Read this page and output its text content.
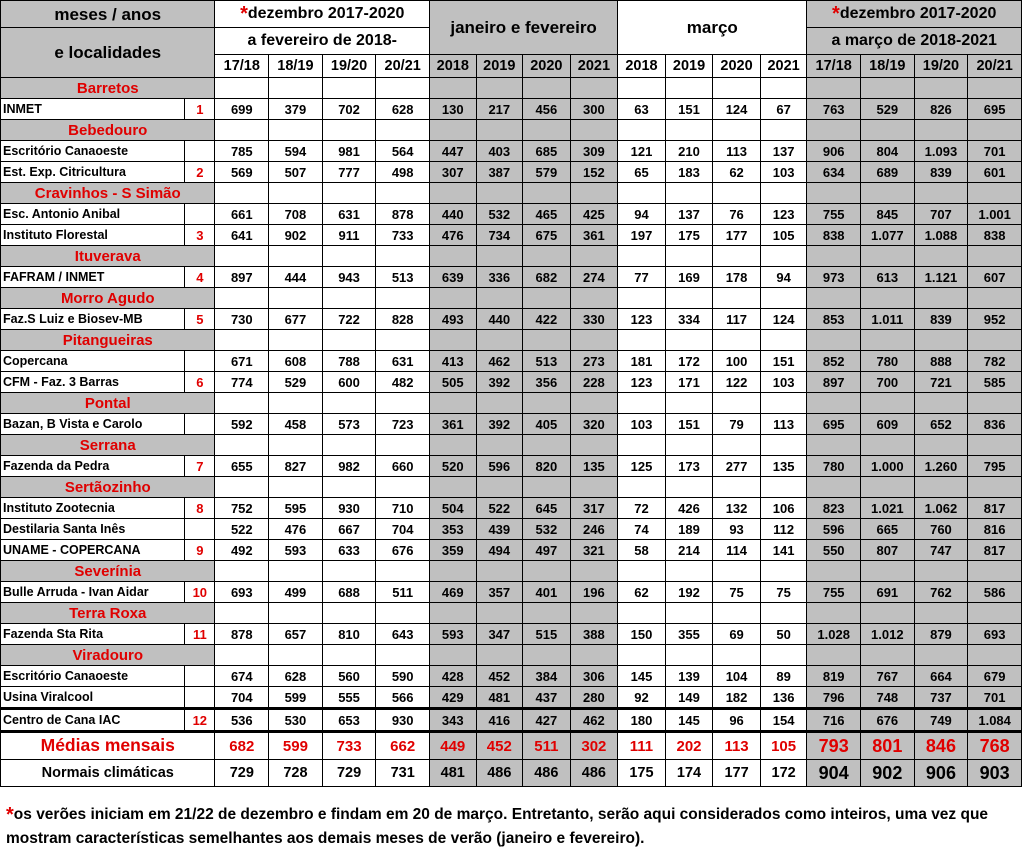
meses / anos		*dezembro 2017-2020				janeiro e fevereiro				março				*dezembro 2017-2020			
e localidades		a fevereiro de 2018-												a março de 2018-2021			
		17/18	18/19	19/20	20/21	2018	2019	2020	2021	2018	2019	2020	2021	17/18	18/19	19/20	20/21
Barretos																	
INMET	1	699	379	702	628	130	217	456	300	63	151	124	67	763	529	826	695
Bebedouro																	
Escritório Canaoeste		785	594	981	564	447	403	685	309	121	210	113	137	906	804	1.093	701
Est. Exp. Citricultura	2	569	507	777	498	307	387	579	152	65	183	62	103	634	689	839	601
Cravinhos - S Simão																	
Esc. Antonio Anibal		661	708	631	878	440	532	465	425	94	137	76	123	755	845	707	1.001
Instituto Florestal	3	641	902	911	733	476	734	675	361	197	175	177	105	838	1.077	1.088	838
Ituverava																	
FAFRAM / INMET	4	897	444	943	513	639	336	682	274	77	169	178	94	973	613	1.121	607
Morro Agudo																	
Faz.S Luiz e Biosev-MB	5	730	677	722	828	493	440	422	330	123	334	117	124	853	1.011	839	952
Pitangueiras																	
Copercana		671	608	788	631	413	462	513	273	181	172	100	151	852	780	888	782
CFM - Faz. 3 Barras	6	774	529	600	482	505	392	356	228	123	171	122	103	897	700	721	585
Pontal																	
Bazan, B Vista e Carolo		592	458	573	723	361	392	405	320	103	151	79	113	695	609	652	836
Serrana																	
Fazenda da Pedra	7	655	827	982	660	520	596	820	135	125	173	277	135	780	1.000	1.260	795
Sertãozinho																	
Instituto Zootecnia	8	752	595	930	710	504	522	645	317	72	426	132	106	823	1.021	1.062	817
Destilaria Santa Inês		522	476	667	704	353	439	532	246	74	189	93	112	596	665	760	816
UNAME - COPERCANA	9	492	593	633	676	359	494	497	321	58	214	114	141	550	807	747	817
Severínia																	
Bulle Arruda - Ivan Aidar	10	693	499	688	511	469	357	401	196	62	192	75	75	755	691	762	586
Terra Roxa																	
Fazenda Sta Rita	11	878	657	810	643	593	347	515	388	150	355	69	50	1.028	1.012	879	693
Viradouro																	
Escritório Canaoeste		674	628	560	590	428	452	384	306	145	139	104	89	819	767	664	679
Usina Viralcool		704	599	555	566	429	481	437	280	92	149	182	136	796	748	737	701
Centro de Cana IAC	12	536	530	653	930	343	416	427	462	180	145	96	154	716	676	749	1.084
Médias mensais		682	599	733	662	449	452	511	302	111	202	113	105	793	801	846	768
Normais climáticas		729	728	729	731	481	486	486	486	175	174	177	172	904	902	906	903
*os verões iniciam em 21/22 de dezembro e findam em 20 de março. Entretanto, serão aqui considerados como inteiros, uma vez que mostram características semelhantes aos demais meses de verão (janeiro e fevereiro).
